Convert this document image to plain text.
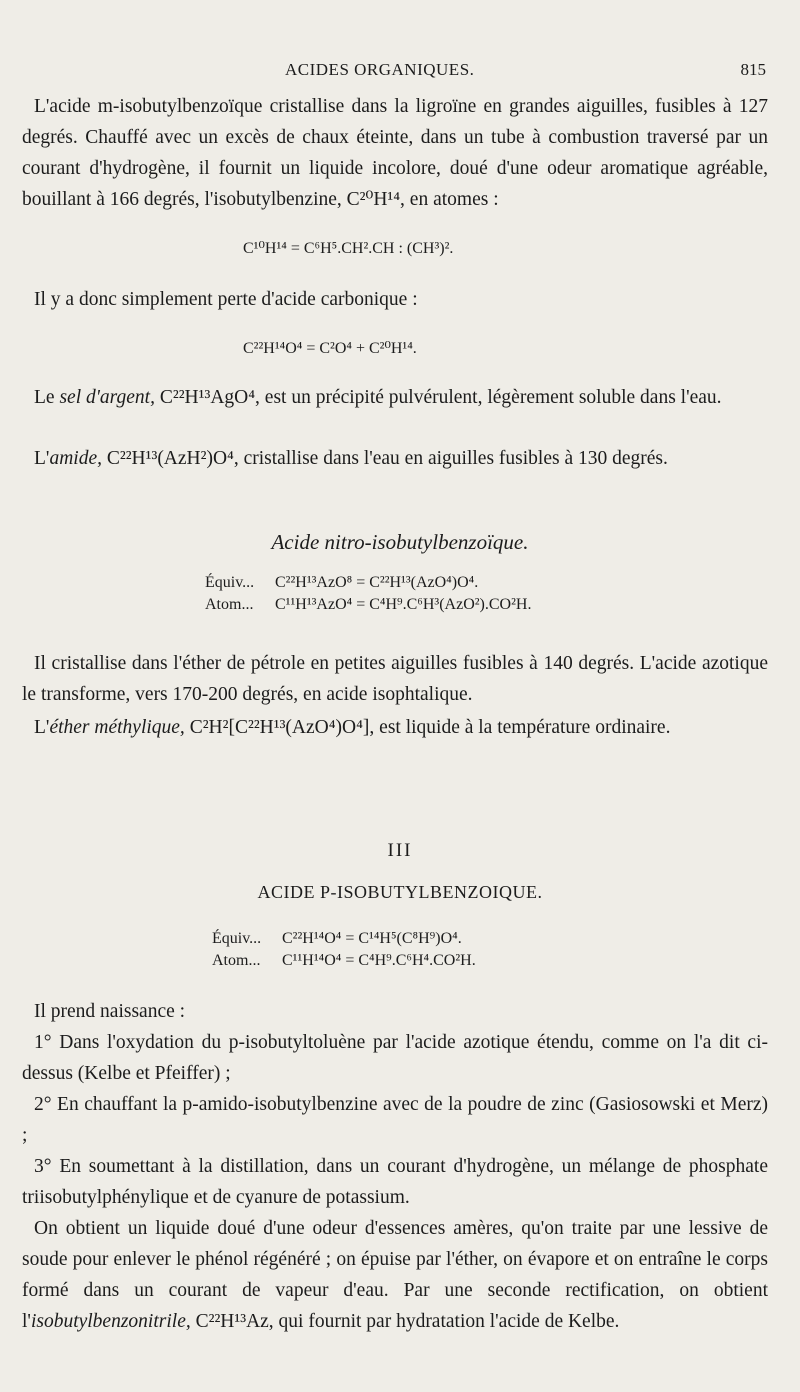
ACIDES ORGANIQUES.	815

L'acide m-isobutylbenzoïque cristallise dans la ligroïne en grandes aiguilles, fusibles à 127 degrés. Chauffé avec un excès de chaux éteinte, dans un tube à combustion traversé par un courant d'hydrogène, il fournit un liquide incolore, doué d'une odeur aromatique agréable, bouillant à 166 degrés, l'isobutylbenzine, C²⁰H¹⁴, en atomes :

C¹⁰H¹⁴ = C⁶H⁵.CH².CH : (CH³)².

Il y a donc simplement perte d'acide carbonique :

C²²H¹⁴O⁴ = C²O⁴ + C²⁰H¹⁴.

Le sel d'argent, C²²H¹³AgO⁴, est un précipité pulvérulent, légèrement soluble dans l'eau.

L'amide, C²²H¹³(AzH²)O⁴, cristallise dans l'eau en aiguilles fusibles à 130 degrés.

Acide nitro-isobutylbenzoïque.
Équiv... C²²H¹³AzO⁸ = C²²H¹³(AzO⁴)O⁴.
Atom... C¹¹H¹³AzO⁴ = C⁴H⁹.C⁶H³(AzO²).CO²H.

Il cristallise dans l'éther de pétrole en petites aiguilles fusibles à 140 degrés. L'acide azotique le transforme, vers 170-200 degrés, en acide isophtalique.

L'éther méthylique, C²H²[C²²H¹³(AzO⁴)O⁴], est liquide à la température ordinaire.

III
ACIDE P-ISOBUTYLBENZOIQUE.
Équiv... C²²H¹⁴O⁴ = C¹⁴H⁵(C⁸H⁹)O⁴.
Atom... C¹¹H¹⁴O⁴ = C⁴H⁹.C⁶H⁴.CO²H.

Il prend naissance :

1° Dans l'oxydation du p-isobutyltoluène par l'acide azotique étendu, comme on l'a dit ci-dessus (Kelbe et Pfeiffer) ;

2° En chauffant la p-amido-isobutylbenzine avec de la poudre de zinc (Gasiosowski et Merz) ;

3° En soumettant à la distillation, dans un courant d'hydrogène, un mélange de phosphate triisobutylphénylique et de cyanure de potassium.

On obtient un liquide doué d'une odeur d'essences amères, qu'on traite par une lessive de soude pour enlever le phénol régénéré ; on épuise par l'éther, on évapore et on entraîne le corps formé dans un courant de vapeur d'eau. Par une seconde rectification, on obtient l'isobutylbenzonitrile, C²²H¹³Az, qui fournit par hydratation l'acide de Kelbe.
